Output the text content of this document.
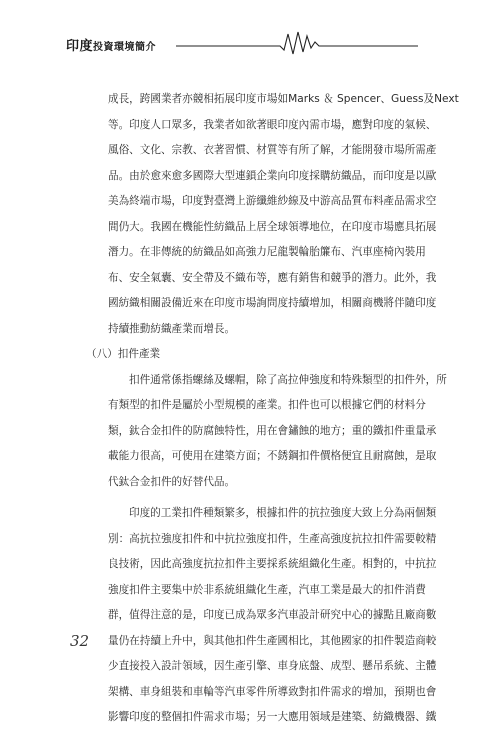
印度投資環境簡介
成長，跨國業者亦競相拓展印度市場如Marks ＆ Spencer、Guess及Next
等。印度人口眾多，我業者如欲著眼印度內需市場，應對印度的氣候、
風俗、文化、宗教、衣著習慣、材質等有所了解，才能開發市場所需產
品。由於愈來愈多國際大型連鎖企業向印度採購紡織品，而印度是以歐
美為終端市場，印度對臺灣上游纖維紗線及中游高品質布料產品需求空
間仍大。我國在機能性紡織品上居全球領導地位，在印度市場應具拓展
潛力。在非傳統的紡織品如高強力尼龍製輪胎簾布、汽車座椅內裝用
布、安全氣囊、安全帶及不織布等，應有銷售和競爭的潛力。此外，我
國紡織相關設備近來在印度市場詢問度持續增加，相關商機將伴隨印度
持續推動紡織產業而增長。
（八）扣件產業
扣件通常係指螺絲及螺帽，除了高拉伸強度和特殊類型的扣件外，所
有類型的扣件是屬於小型規模的產業。扣件也可以根據它們的材料分
類，鈦合金扣件的防腐蝕特性，用在會鏽蝕的地方；重的鐵扣件重量承
載能力很高，可使用在建築方面；不銹鋼扣件價格便宜且耐腐蝕，是取
代鈦合金扣件的好替代品。
印度的工業扣件種類繁多，根據扣件的抗拉強度大致上分為兩個類
別：高抗拉強度扣件和中抗拉強度扣件，生產高強度抗拉扣件需要較精
良技術，因此高強度抗拉扣件主要採系統組織化生產。相對的，中抗拉
強度扣件主要集中於非系統組織化生產，汽車工業是最大的扣件消費
群，值得注意的是，印度已成為眾多汽車設計研究中心的據點且廠商數
量仍在持續上升中，與其他扣件生產國相比，其他國家的扣件製造商較
少直接投入設計領域，因生產引擎、車身底盤、成型、懸吊系統、主體
架構、車身組裝和車輪等汽車零件所導致對扣件需求的增加，預期也會
影響印度的整個扣件需求市場；另一大應用領域是建築、紡織機器、鐵
32
